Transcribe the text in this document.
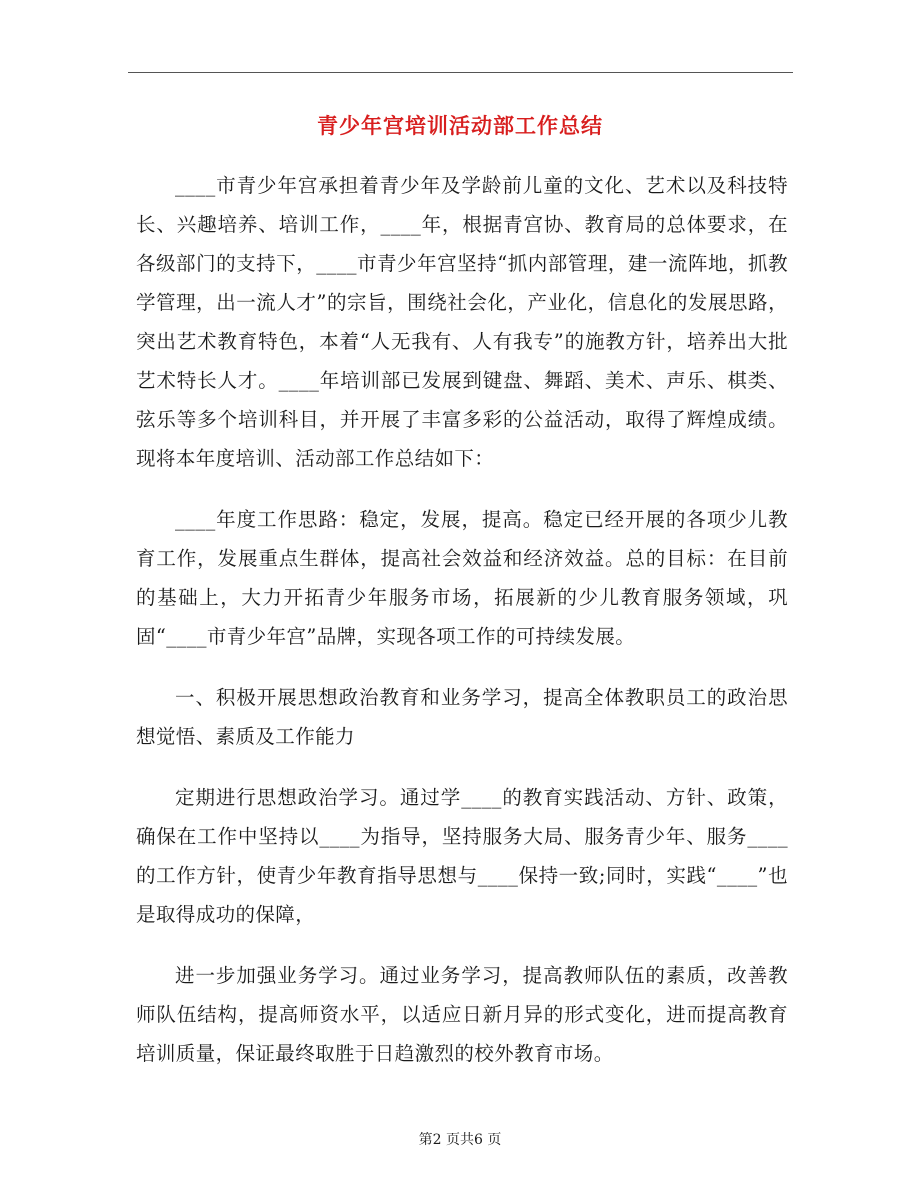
青少年宫培训活动部工作总结

____市青少年宫承担着青少年及学龄前儿童的文化、艺术以及科技特长、兴趣培养、培训工作，____年，根据青宫协、教育局的总体要求，在各级部门的支持下，____市青少年宫坚持“抓内部管理，建一流阵地，抓教学管理，出一流人才”的宗旨，围绕社会化，产业化，信息化的发展思路，突出艺术教育特色，本着“人无我有、人有我专”的施教方针，培养出大批艺术特长人才。____年培训部已发展到键盘、舞蹈、美术、声乐、棋类、弦乐等多个培训科目，并开展了丰富多彩的公益活动，取得了辉煌成绩。现将本年度培训、活动部工作总结如下：

____年度工作思路：稳定，发展，提高。稳定已经开展的各项少儿教育工作，发展重点生群体，提高社会效益和经济效益。总的目标：在目前的基础上，大力开拓青少年服务市场，拓展新的少儿教育服务领域，巩固“____市青少年宫”品牌，实现各项工作的可持续发展。

一、积极开展思想政治教育和业务学习，提高全体教职员工的政治思想觉悟、素质及工作能力

定期进行思想政治学习。通过学____的教育实践活动、方针、政策，确保在工作中坚持以____为指导，坚持服务大局、服务青少年、服务____的工作方针，使青少年教育指导思想与____保持一致;同时，实践“____”也是取得成功的保障，

进一步加强业务学习。通过业务学习，提高教师队伍的素质，改善教师队伍结构，提高师资水平，以适应日新月异的形式变化，进而提高教育培训质量，保证最终取胜于日趋激烈的校外教育市场。

第2 页共6 页
